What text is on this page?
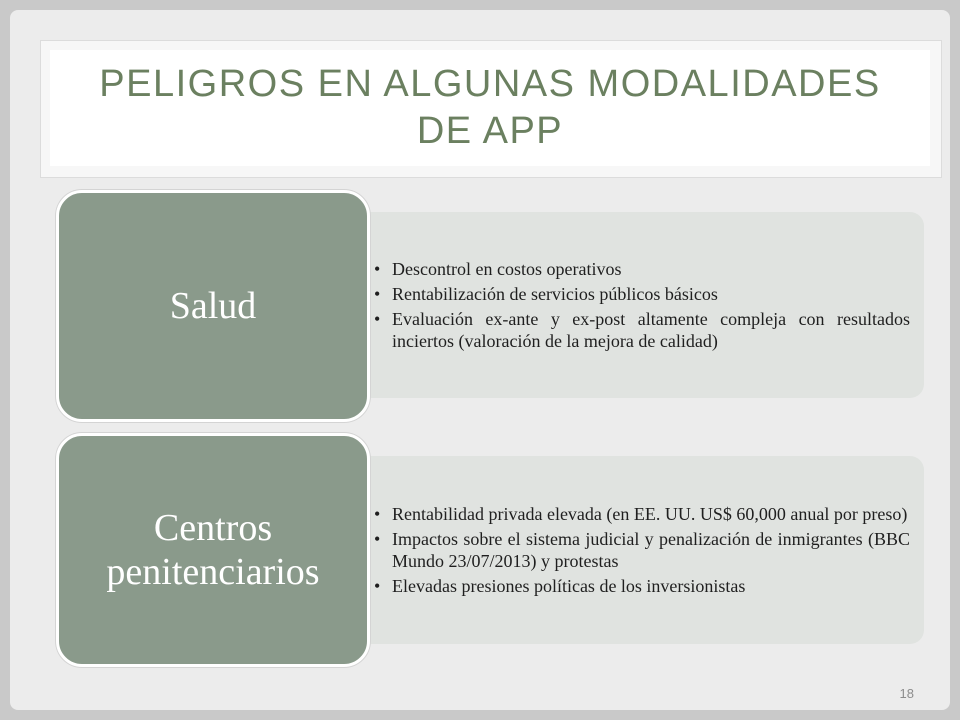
PELIGROS EN ALGUNAS MODALIDADES DE APP
• Descontrol en costos operativos
• Rentabilización de servicios públicos básicos
• Evaluación ex-ante y ex-post altamente compleja con resultados inciertos (valoración de la mejora de calidad)
Salud
• Rentabilidad privada elevada (en EE. UU. US$ 60,000 anual por preso)
• Impactos sobre el sistema judicial y penalización de inmigrantes (BBC Mundo 23/07/2013) y protestas
• Elevadas presiones políticas de los inversionistas
Centros penitenciarios
18
